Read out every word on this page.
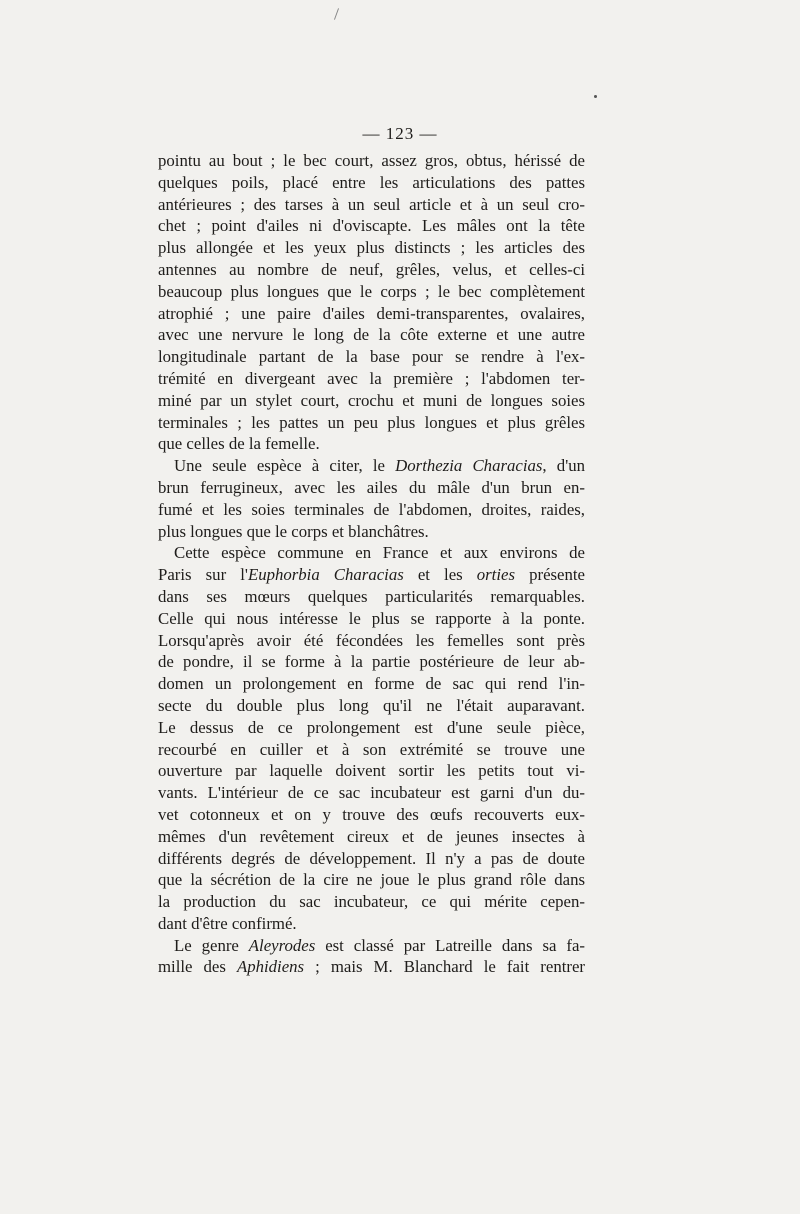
— 123 —
pointu au bout ; le bec court, assez gros, obtus, hérissé de
quelques poils, placé entre les articulations des pattes
antérieures ; des tarses à un seul article et à un seul cro-
chet ; point d'ailes ni d'oviscapte. Les mâles ont la tête
plus allongée et les yeux plus distincts ; les articles des
antennes au nombre de neuf, grêles, velus, et celles-ci
beaucoup plus longues que le corps ; le bec complètement
atrophié ; une paire d'ailes demi-transparentes, ovalaires,
avec une nervure le long de la côte externe et une autre
longitudinale partant de la base pour se rendre à l'ex-
trémité en divergeant avec la première ; l'abdomen ter-
miné par un stylet court, crochu et muni de longues soies
terminales ; les pattes un peu plus longues et plus grêles
que celles de la femelle.
Une seule espèce à citer, le Dorthezia Characias, d'un
brun ferrugineux, avec les ailes du mâle d'un brun en-
fumé et les soies terminales de l'abdomen, droites, raides,
plus longues que le corps et blanchâtres.
Cette espèce commune en France et aux environs de
Paris sur l'Euphorbia Characias et les orties présente
dans ses mœurs quelques particularités remarquables.
Celle qui nous intéresse le plus se rapporte à la ponte.
Lorsqu'après avoir été fécondées les femelles sont près
de pondre, il se forme à la partie postérieure de leur ab-
domen un prolongement en forme de sac qui rend l'in-
secte du double plus long qu'il ne l'était auparavant.
Le dessus de ce prolongement est d'une seule pièce,
recourbé en cuiller et à son extrémité se trouve une
ouverture par laquelle doivent sortir les petits tout vi-
vants. L'intérieur de ce sac incubateur est garni d'un du-
vet cotonneux et on y trouve des œufs recouverts eux-
mêmes d'un revêtement cireux et de jeunes insectes à
différents degrés de développement. Il n'y a pas de doute
que la sécrétion de la cire ne joue le plus grand rôle dans
la production du sac incubateur, ce qui mérite cepen-
dant d'être confirmé.
Le genre Aleyrodes est classé par Latreille dans sa fa-
mille des Aphidiens ; mais M. Blanchard le fait rentrer
